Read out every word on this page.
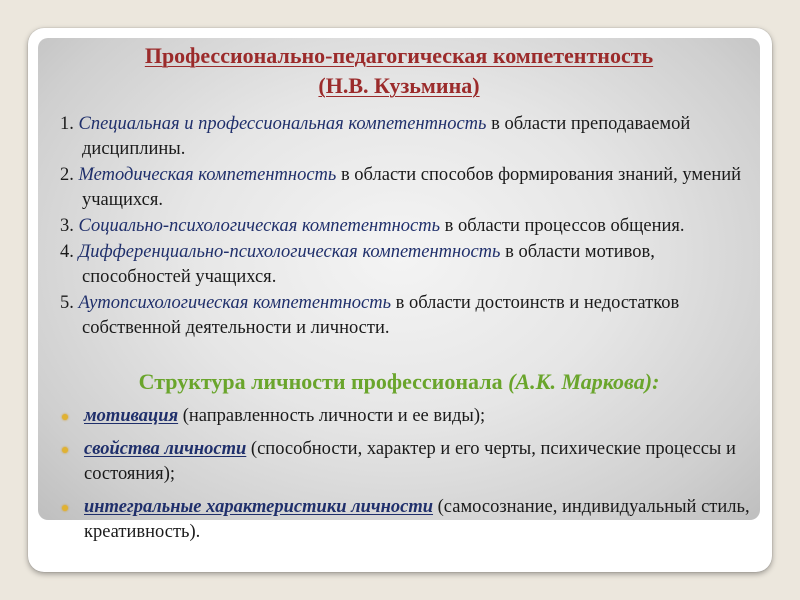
Профессионально-педагогическая компетентность
(Н.В. Кузьмина)
1. Специальная и профессиональная компетентность в области преподаваемой дисциплины.
2. Методическая компетентность в области способов формирования знаний, умений учащихся.
3. Социально-психологическая компетентность в области процессов общения.
4. Дифференциально-психологическая компетентность в области мотивов, способностей учащихся.
5. Аутопсихологическая компетентность в области достоинств и недостатков собственной деятельности и личности.
Структура личности профессионала (А.К. Маркова):
мотивация (направленность личности и ее виды);
свойства личности (способности, характер и его черты, психические процессы и состояния);
интегральные характеристики личности (самосознание, индивидуальный стиль, креативность).
